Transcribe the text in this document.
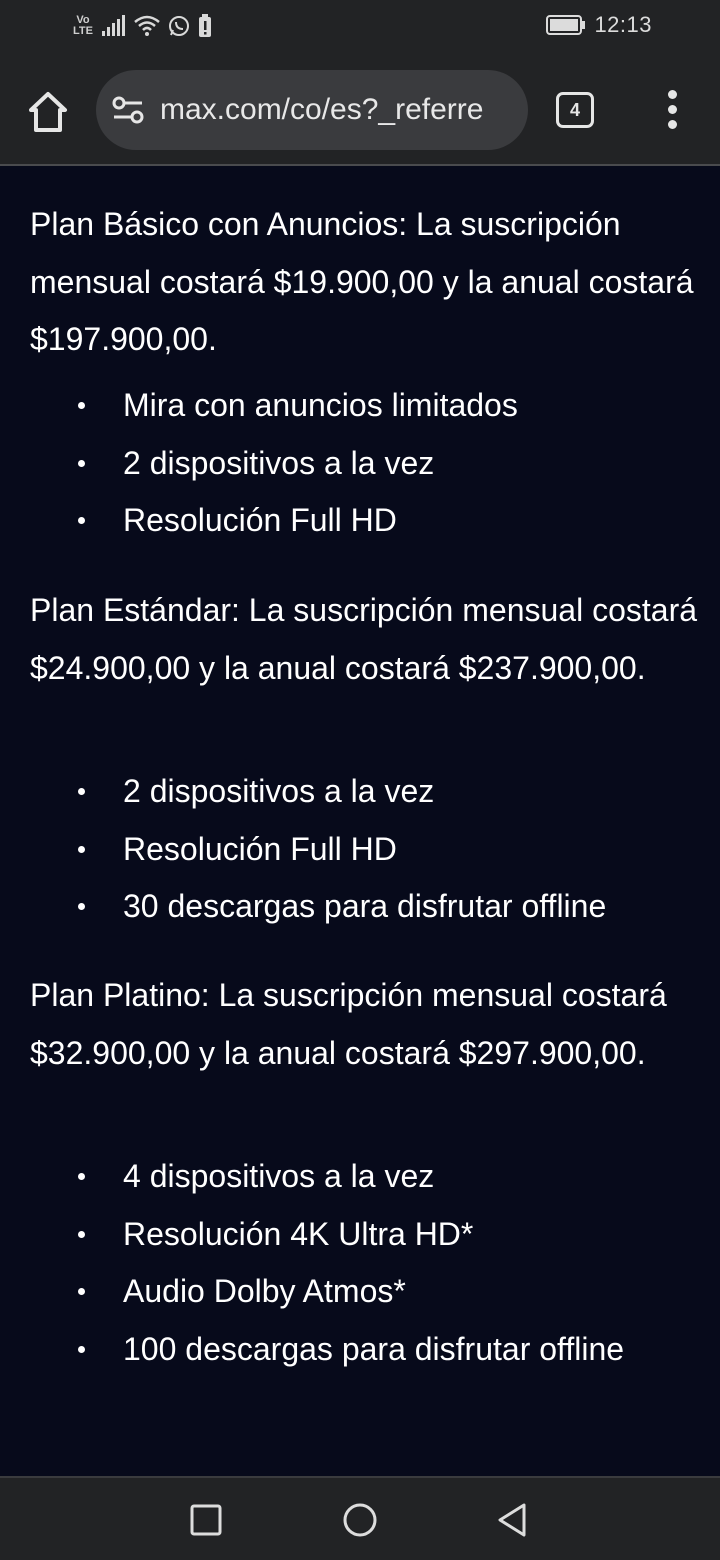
Vo LTE	12:13
max.com/co/es?_referre	4

Plan Básico con Anuncios: La suscripción mensual costará $19.900,00 y la anual costará $197.900,00.

Mira con anuncios limitados
2 dispositivos a la vez
Resolución Full HD

Plan Estándar: La suscripción mensual costará $24.900,00 y la anual costará $237.900,00.

2 dispositivos a la vez
Resolución Full HD
30 descargas para disfrutar offline

Plan Platino: La suscripción mensual costará $32.900,00 y la anual costará $297.900,00.

4 dispositivos a la vez
Resolución 4K Ultra HD*
Audio Dolby Atmos*
100 descargas para disfrutar offline
